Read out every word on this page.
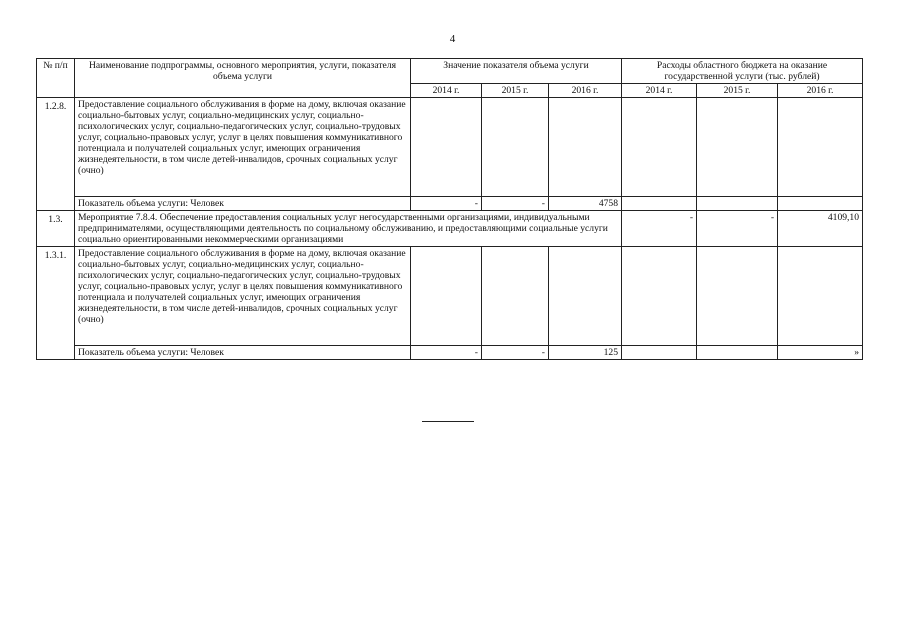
4
№ п/п	Наименование подпрограммы, основного мероприятия, услуги, показателя объема услуги	Значение показателя объема услуги			Расходы областного бюджета на оказание государственной услуги (тыс. рублей)		
		2014 г.	2015 г.	2016 г.	2014 г.	2015 г.	2016 г.
1.2.8.	Предоставление социального обслуживания в форме на дому, включая оказание социально-бытовых услуг, социально-медицинских услуг, социально-психологических услуг, социально-педагогических услуг, социально-трудовых услуг, социально-правовых услуг, услуг в целях повышения коммуникативного потенциала и получателей социальных услуг, имеющих ограничения жизнедеятельности, в том числе детей-инвалидов, срочных социальных услуг (очно)						
	Показатель объема услуги: Человек	-	-	4758			
1.3.	Мероприятие 7.8.4. Обеспечение предоставления социальных услуг негосударственными организациями, индивидуальными предпринимателями, осуществляющими деятельность по социальному обслуживанию, и предоставляющими социальные услуги социально ориентированными некоммерческими организациями				-	-	4109,10
1.3.1.	Предоставление социального обслуживания в форме на дому, включая оказание социально-бытовых услуг, социально-медицинских услуг, социально-психологических услуг, социально-педагогических услуг, социально-трудовых услуг, социально-правовых услуг, услуг в целях повышения коммуникативного потенциала и получателей социальных услуг, имеющих ограничения жизнедеятельности, в том числе детей-инвалидов, срочных социальных услуг (очно)						
	Показатель объема услуги: Человек	-	-	125			»
